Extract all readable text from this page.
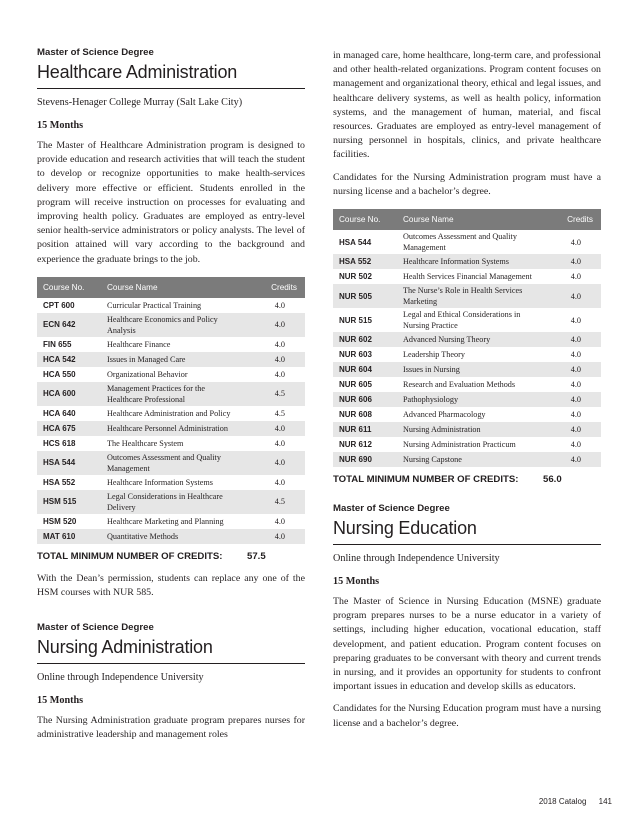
Master of Science Degree
Healthcare Administration

Stevens-Henager College Murray (Salt Lake City)

15 Months

The Master of Healthcare Administration program is designed to provide education and research activities that will teach the student to develop or recognize opportunities to make health-services delivery more effective or efficient. Students enrolled in the program will receive instruction on processes for evaluating and improving health policy. Graduates are employed as entry-level senior health-service administrators or policy analysts. The level of position attained will vary according to the background and experience the graduate brings to the job.

Course No.	Course Name	Credits
CPT 600	Curricular Practical Training	4.0
ECN 642	Healthcare Economics and Policy Analysis	4.0
FIN 655	Healthcare Finance	4.0
HCA 542	Issues in Managed Care	4.0
HCA 550	Organizational Behavior	4.0
HCA 600	Management Practices for the Healthcare Professional	4.5
HCA 640	Healthcare Administration and Policy	4.5
HCA 675	Healthcare Personnel Administration	4.0
HCS 618	The Healthcare System	4.0
HSA 544	Outcomes Assessment and Quality Management	4.0
HSA 552	Healthcare Information Systems	4.0
HSM 515	Legal Considerations in Healthcare Delivery	4.5
HSM 520	Healthcare Marketing and Planning	4.0
MAT 610	Quantitative Methods	4.0
TOTAL MINIMUM NUMBER OF CREDITS:	57.5

With the Dean’s permission, students can replace any one of the HSM courses with NUR 585.

Master of Science Degree
Nursing Administration

Online through Independence University

15 Months

The Nursing Administration graduate program prepares nurses for administrative leadership and management roles

in managed care, home healthcare, long-term care, and professional and other health-related organizations. Program content focuses on management and organizational theory, ethical and legal issues, and healthcare delivery systems, as well as health policy, information systems, and the management of human, material, and fiscal resources. Graduates are employed as entry-level management of nursing personnel in hospitals, clinics, and private healthcare facilities.

Candidates for the Nursing Administration program must have a nursing license and a bachelor’s degree.

Course No.	Course Name	Credits
HSA 544	Outcomes Assessment and Quality Management	4.0
HSA 552	Healthcare Information Systems	4.0
NUR 502	Health Services Financial Management	4.0
NUR 505	The Nurse’s Role in Health Services Marketing	4.0
NUR 515	Legal and Ethical Considerations in Nursing Practice	4.0
NUR 602	Advanced Nursing Theory	4.0
NUR 603	Leadership Theory	4.0
NUR 604	Issues in Nursing	4.0
NUR 605	Research and Evaluation Methods	4.0
NUR 606	Pathophysiology	4.0
NUR 608	Advanced Pharmacology	4.0
NUR 611	Nursing Administration	4.0
NUR 612	Nursing Administration Practicum	4.0
NUR 690	Nursing Capstone	4.0
TOTAL MINIMUM NUMBER OF CREDITS:	56.0
Master of Science Degree
Nursing Education

Online through Independence University

15 Months

The Master of Science in Nursing Education (MSNE) graduate program prepares nurses to be a nurse educator in a variety of settings, including higher education, vocational education, staff development, and patient education. Program content focuses on preparing graduates to be conversant with theory and current trends in nursing, and it provides an opportunity for students to confront important issues in education and develop skills as educators.

Candidates for the Nursing Education program must have a nursing license and a bachelor’s degree.

2018 Catalog 141
